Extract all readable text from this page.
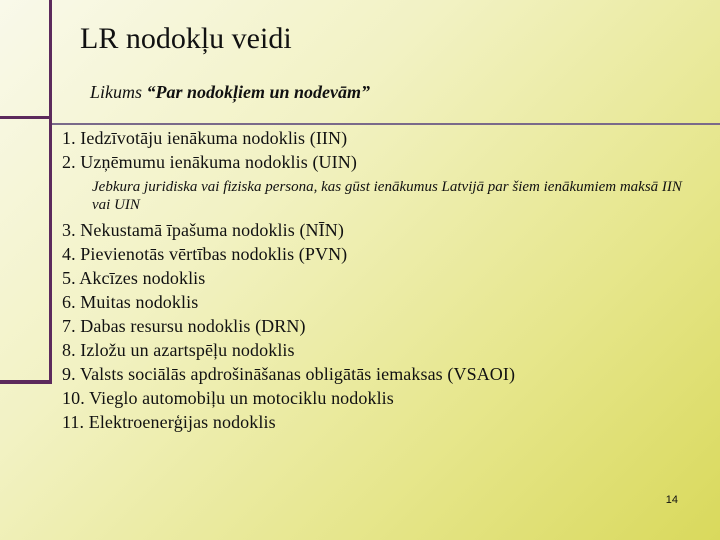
LR nodokļu veidi
Likums “Par nodokļiem un nodevām”
1. Iedzīvotāju ienākuma nodoklis (IIN)
2. Uzņēmumu ienākuma nodoklis (UIN)
Jebkura juridiska vai fiziska persona, kas gūst ienākumus Latvijā par šiem ienākumiem maksā IIN vai UIN
3. Nekustamā īpašuma nodoklis (NĪN)
4. Pievienotās vērtības nodoklis (PVN)
5. Akcīzes nodoklis
6. Muitas nodoklis
7. Dabas resursu nodoklis (DRN)
8. Izložu un azartspēļu nodoklis
9. Valsts sociālās apdrošināšanas obligātās iemaksas (VSAOI)
10. Vieglo automobiļu un motociklu nodoklis
11. Elektroenerģijas nodoklis
14
